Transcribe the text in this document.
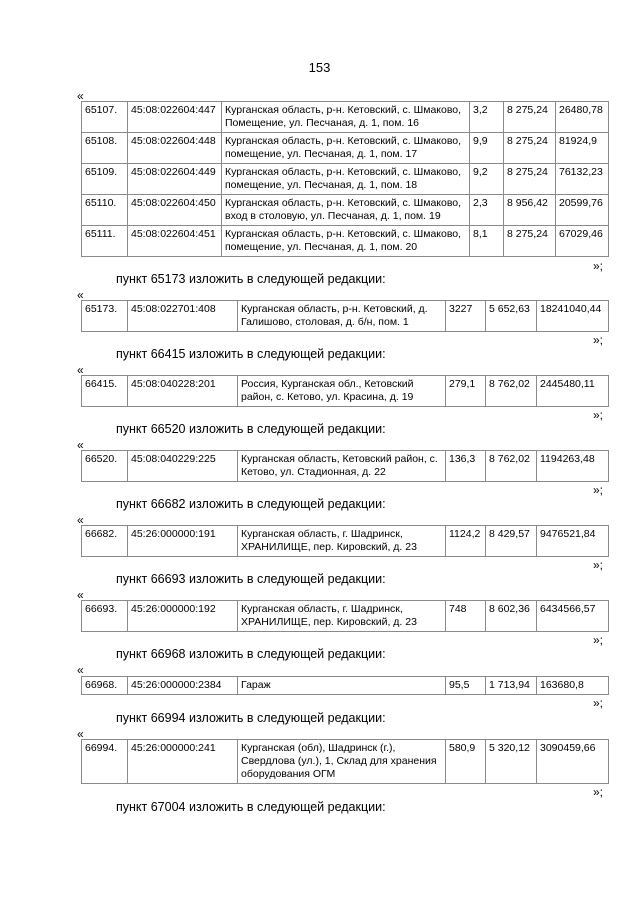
153
«
65107.	45:08:022604:447	Курганская область, р-н. Кетовский, с. Шмаково, Помещение, ул. Песчаная, д. 1, пом. 16	3,2	8 275,24	26480,78
65108.	45:08:022604:448	Курганская область, р-н. Кетовский, с. Шмаково, помещение, ул. Песчаная, д. 1, пом. 17	9,9	8 275,24	81924,9
65109.	45:08:022604:449	Курганская область, р-н. Кетовский, с. Шмаково, помещение, ул. Песчаная, д. 1, пом. 18	9,2	8 275,24	76132,23
65110.	45:08:022604:450	Курганская область, р-н. Кетовский, с. Шмаково, вход в столовую, ул. Песчаная, д. 1, пом. 19	2,3	8 956,42	20599,76
65111.	45:08:022604:451	Курганская область, р-н. Кетовский, с. Шмаково, помещение, ул. Песчаная, д. 1, пом. 20	8,1	8 275,24	67029,46
»;
пункт 65173 изложить в следующей редакции:
«
65173.	45:08:022701:408	Курганская область, р-н. Кетовский, д. Галишово, столовая, д. б/н, пом. 1	3227	5 652,63	18241040,44
»;
пункт 66415 изложить в следующей редакции:
«
66415.	45:08:040228:201	Россия, Курганская обл., Кетовский район, с. Кетово, ул. Красина, д. 19	279,1	8 762,02	2445480,11
»;
пункт 66520 изложить в следующей редакции:
«
66520.	45:08:040229:225	Курганская область, Кетовский район, с. Кетово, ул. Стадионная, д. 22	136,3	8 762,02	1194263,48
»;
пункт 66682 изложить в следующей редакции:
«
66682.	45:26:000000:191	Курганская область, г. Шадринск, ХРАНИЛИЩЕ, пер. Кировский, д. 23	1124,2	8 429,57	9476521,84
»;
пункт 66693 изложить в следующей редакции:
«
66693.	45:26:000000:192	Курганская область, г. Шадринск, ХРАНИЛИЩЕ, пер. Кировский, д. 23	748	8 602,36	6434566,57
»;
пункт 66968 изложить в следующей редакции:
«
66968.	45:26:000000:2384	Гараж	95,5	1 713,94	163680,8
»;
пункт 66994 изложить в следующей редакции:
«
66994.	45:26:000000:241	Курганская (обл), Шадринск (г.), Свердлова (ул.), 1, Склад для хранения оборудования ОГМ	580,9	5 320,12	3090459,66
»;
пункт 67004 изложить в следующей редакции:
